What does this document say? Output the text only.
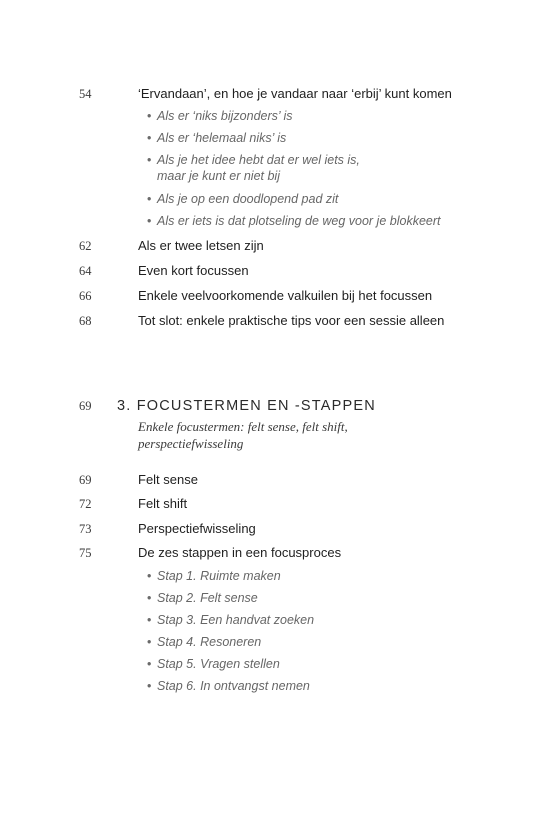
54	‘Ervandaan’, en hoe je vandaar naar ‘erbij’ kunt komen
• Als er ‘niks bijzonders’ is
• Als er ‘helemaal niks’ is
• Als je het idee hebt dat er wel iets is,
maar je kunt er niet bij
• Als je op een doodlopend pad zit
• Als er iets is dat plotseling de weg voor je blokkeert
62	Als er twee letsen zijn
64	Even kort focussen
66	Enkele veelvoorkomende valkuilen bij het focussen
68	Tot slot: enkele praktische tips voor een sessie alleen
69 3. FOCUSTERMEN EN -STAPPEN
Enkele focustermen: felt sense, felt shift,
perspectiefwisseling
69	Felt sense
72	Felt shift
73	Perspectiefwisseling
75	De zes stappen in een focusproces
• Stap 1. Ruimte maken
• Stap 2. Felt sense
• Stap 3. Een handvat zoeken
• Stap 4. Resoneren
• Stap 5. Vragen stellen
• Stap 6. In ontvangst nemen
